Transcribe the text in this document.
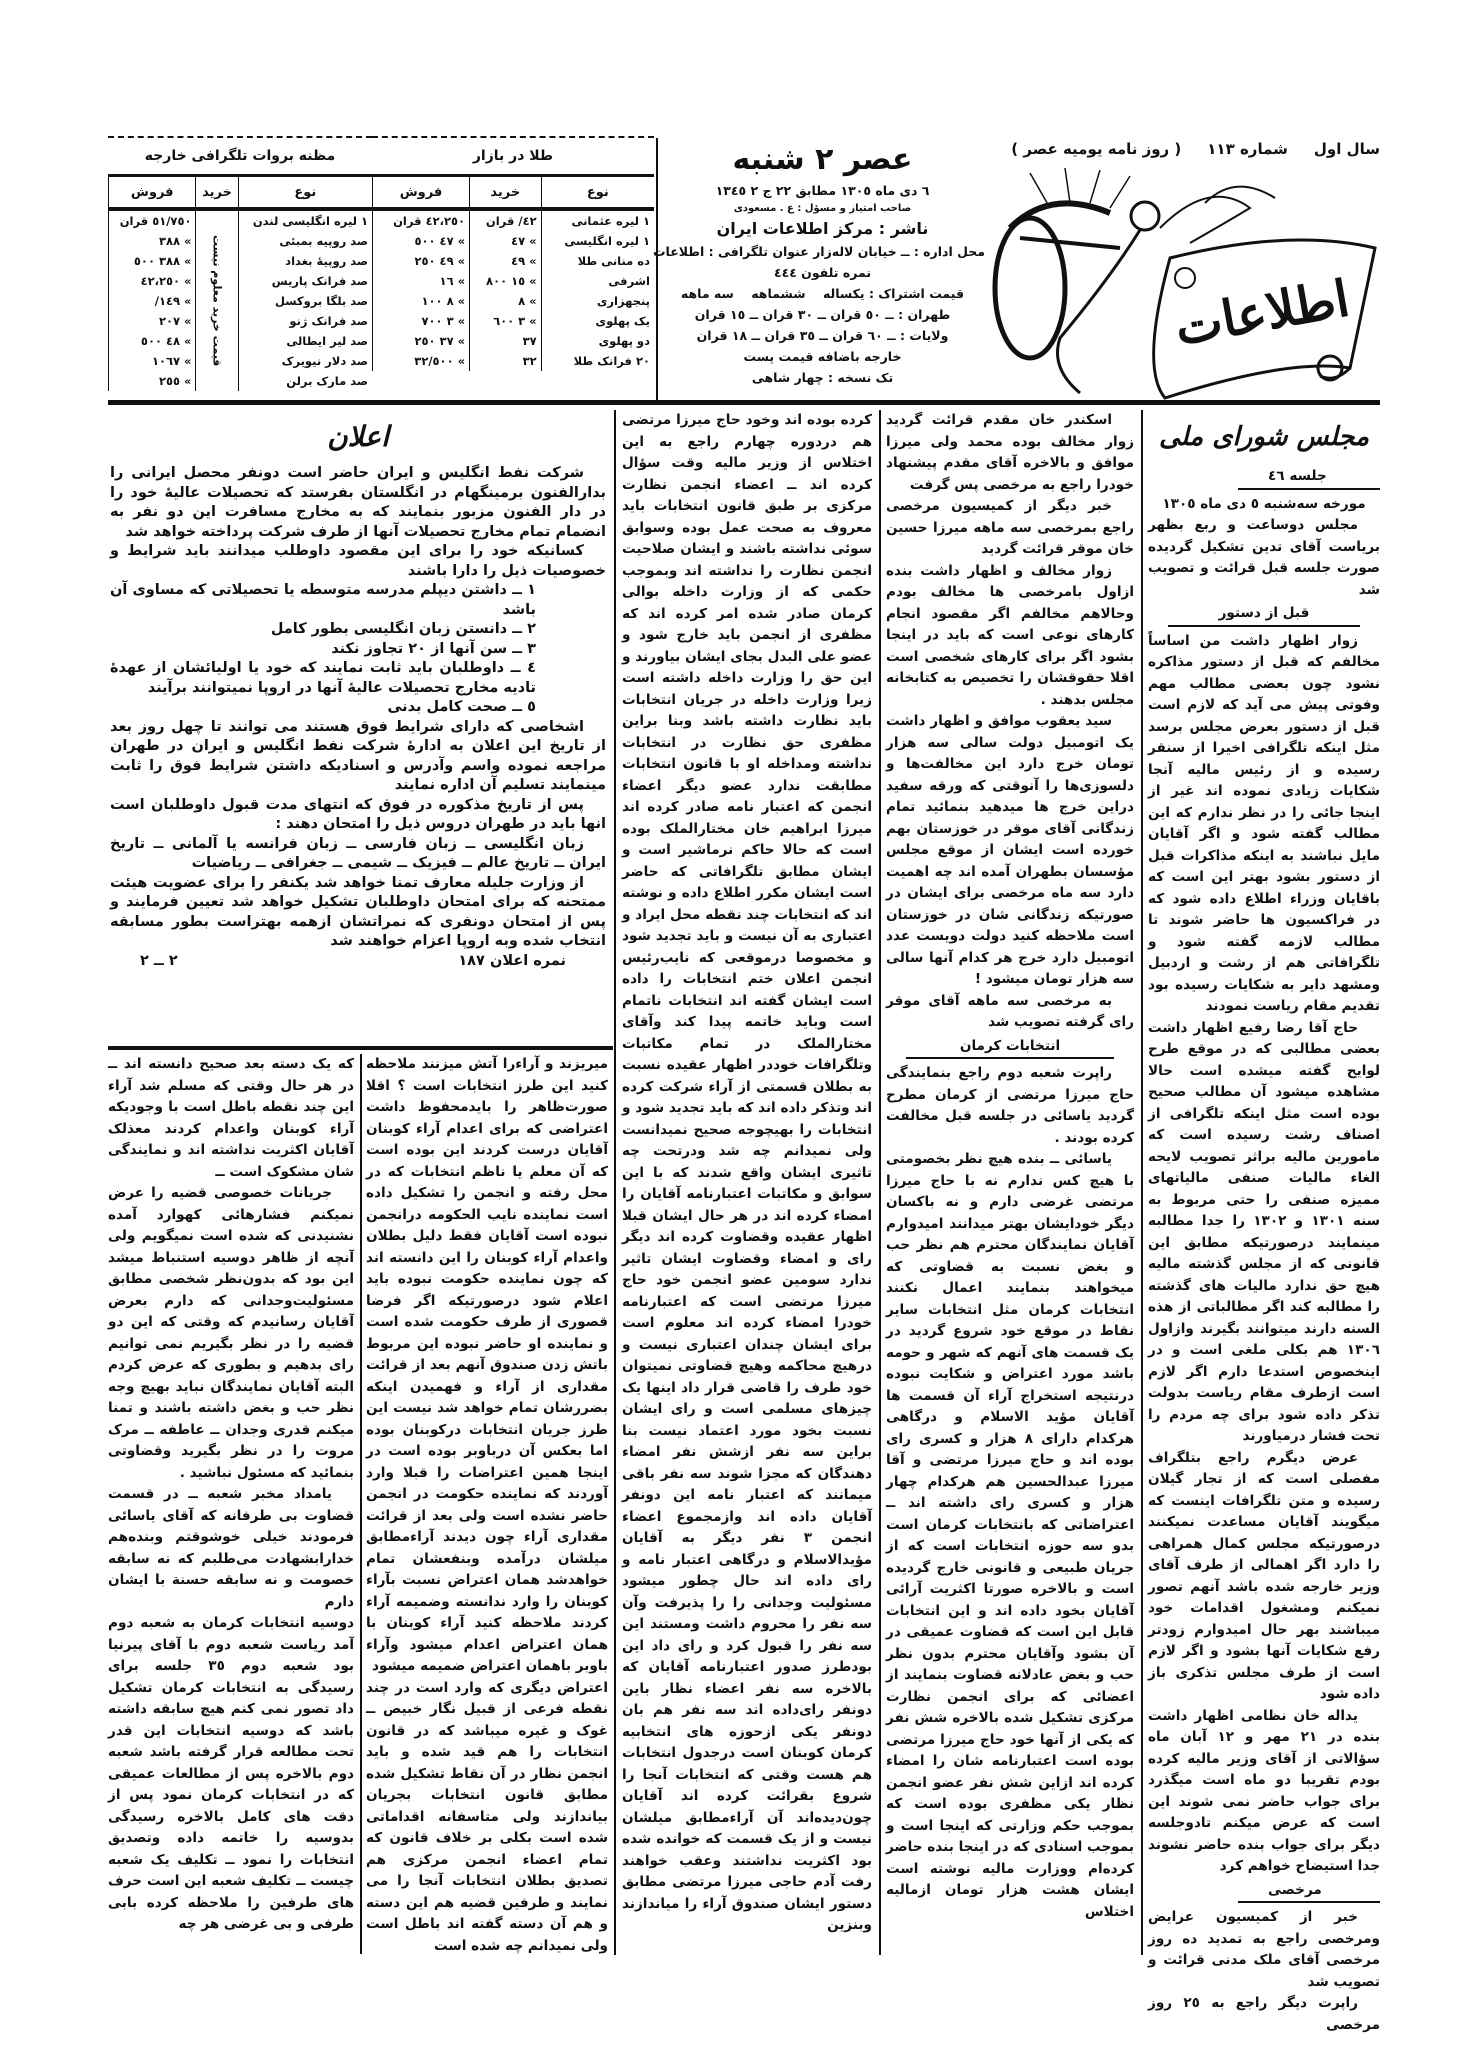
سال اول
شماره ١١٣
( روز نامه یومیه عصر )
اطلاعات
عصر ٢ شنبه
٦ دی ماه ١٣٠٥ مطابق ٢٢ ج ٢ ١٣٤٥
صاحب امتیاز و مسؤل : ع . مسعودی
ناشر : مرکز اطلاعات ایران
محل اداره : ــ خیابان لاله‌زار عنوان تلگرافی : اطلاعات
نمره تلفون ٤٤٤
قیمت اشتراک : یکساله    ششماهه    سه ماهه
طهران : ــ ٥٠ قران ــ ٣٠ قران ــ ١٥ قران
ولایات : ــ ٦٠ قران ــ ٣٥ قران ــ ١٨ قران
خارجه باضافه قیمت پست
تک نسخه : چهار شاهی
طلا در بازار
نوع	خرید	فروش
١ لیره عثمانی	٤٢/ قران	٤٢،٢٥٠ قران
١ لیره انگلیسی	» ٤٧	» ٤٧ ٥٠٠
ده منانی طلا	» ٤٩	» ٤٩ ٢٥٠
اشرفی	» ١٥ ٨٠٠	» ١٦
پنجهزاری	» ٨	» ٨ ١٠٠
یک پهلوی	» ٣ ٦٠٠	» ٣ ٧٠٠
دو پهلوی	٣٧	» ٣٧ ٢٥٠
٢٠ فرانک طلا	٣٢	» ٣٢/٥٠٠
مظنه بروات تلگرافی خارجه
نوع	خرید	فروش
١ لیره انگلیسی لندن	قیمت خرید معلوم نیست	٥١/٧٥٠ قران
صد روپیه بمبئی		» ٣٨٨
صد روپیهٔ بغداد		» ٣٨٨ ٥٠٠
صد فرانک پاریس		» ٤٢،٢٥٠
صد بلگا بروکسل		» ١٤٩/
صد فرانک ژنو		» ٢٠٧
صد لیر ایطالی		» ٤٨ ٥٠٠
صد دلار نیویرک		» ١٠٦٧
صد مارک برلن		» ٢٥٥

مجلس شورای ملی

جلسه ٤٦

مورخه سه‌شنبه ٥ دی ماه ١٣٠٥

مجلس دوساعت و ربع بظهر بریاست آقای تدین تشکیل گردیده صورت جلسه قبل قرائت و تصویب شد

قبل از دستور

زوار اظهار داشت من اساساً مخالفم که قبل از دستور مذاکره نشود چون بعضی مطالب مهم وفوتی پیش می آید که لازم است قبل از دستور بعرض مجلس برسد مثل اینکه تلگرافی اخیرا از سنقر رسیده و از رئیس مالیه آنجا شکایات زیادی نموده اند غیر از اینجا جائی را در نظر ندارم که این مطالب گفته شود و اگر آقایان مایل نباشند به اینکه مذاکرات قبل از دستور بشود بهتر این است که باقایان وزراء اطلاع داده شود که در فراکسیون ها حاضر شوند تا مطالب لازمه گفته شود و تلگرافاتی هم از رشت و اردبیل ومشهد دایر به شکایات رسیده بود تقدیم مقام ریاست نمودند

حاج آقا رضا رفیع اظهار داشت بعضی مطالبی که در موقع طرح لوایح گفته میشده است حالا مشاهده میشود آن مطالب صحیح بوده است مثل اینکه تلگرافی از اصناف رشت رسیده است که مامورین مالیه براثر تصویب لایحه الغاء مالیات صنفی مالیاتهای ممیزه صنفی را حتی مربوط به سنه ١٣٠١ و ١٣٠٢ را جدا مطالبه مینمایند درصورتیکه مطابق این قانونی که از مجلس گذشته مالیه هیچ حق ندارد مالیات های گذشته را مطالبه کند اگر مطالباتی از هذه السنه دارند میتوانند بگیرند وازاول ١٣٠٦ هم بکلی ملغی است و در اینخصوص استدعا دارم اگر لازم است ازطرف مقام ریاست بدولت تذکر داده شود برای چه مردم را تحت فشار درمیاورند

عرض دیگرم راجع بتلگراف مفصلی است که از تجار گیلان رسیده و متن تلگرافات اینست که میگویند آقایان مساعدت نمیکنند درصورتیکه مجلس کمال همراهی را دارد اگر اهمالی از طرف آقای وزیر خارجه شده باشد آنهم تصور نمیکنم ومشغول اقدامات خود میباشند بهر حال امیدوارم زودتر رفع شکایات آنها بشود و اگر لازم است از طرف مجلس تذکری باز داده شود

یداله خان نظامی اظهار داشت بنده در ٢١ مهر و ١٢ آبان ماه سؤالاتی از آقای وزیر مالیه کرده بودم تقریبا دو ماه است میگذرد برای جواب حاضر نمی شوند این است که عرض میکنم تادوجلسه دیگر برای جواب بنده حاضر نشوند جدا استیضاح خواهم کرد

مرخصی

خبر از کمیسیون عرایض ومرخصی راجع به تمدید ده روز مرخصی آقای ملک مدنی قرائت و تصویب شد

راپرت دیگر راجع به ٢٥ روز مرخصی

اسکندر خان مقدم قرائت گردید زوار مخالف بوده محمد ولی میرزا موافق و بالاخره آقای مقدم پیشنهاد خودرا راجع به مرخصی پس گرفت

خبر دیگر از کمیسیون مرخصی راجع بمرخصی سه ماهه میرزا حسین خان موقر قرائت گردید

زوار مخالف و اظهار داشت بنده ازاول بامرخصی ها مخالف بودم وحالاهم مخالفم اگر مقصود انجام کارهای نوعی است که باید در اینجا بشود اگر برای کارهای شخصی است اقلا حقوقشان را تخصیص به کتابخانه مجلس بدهند .

سید یعقوب موافق و اظهار داشت یک اتومبیل دولت سالی سه هزار تومان خرج دارد این مخالفت‌ها و دلسوزی‌ها را آنوقتی که ورقه سفید دراین خرج ها میدهید بنمائید تمام زندگانی آقای موقر در خوزستان بهم خورده است ایشان از موقع مجلس مؤسسان بطهران آمده اند چه اهمیت دارد سه ماه مرخصی برای ایشان در صورتیکه زندگانی شان در خوزستان است ملاحظه کنید دولت دویست عدد اتومبیل دارد خرج هر کدام آنها سالی سه هزار تومان میشود !

به مرخصی سه ماهه آقای موقر رای گرفته تصویب شد

انتخابات کرمان

راپرت شعبه دوم راجع بنمایندگی حاج میرزا مرتضی از کرمان مطرح گردید یاسائی در جلسه قبل مخالفت کرده بودند .

یاسائی ــ بنده هیچ نظر بخصومتی با هیچ کس ندارم نه با حاج میرزا مرتضی غرضی دارم و نه باکسان دیگر خودایشان بهتر میدانند امیدوارم آقایان نمایندگان محترم هم نظر حب و بغض نسبت به قضاوتی که میخواهند بنمایند اعمال نکنند انتخابات کرمان مثل انتخابات سایر نقاط در موقع خود شروع گردید در یک قسمت های آنهم که شهر و حومه باشد مورد اعتراض و شکایت نبوده درنتیجه استخراج آراء آن قسمت ها آقایان مؤید الاسلام و درگاهی هرکدام دارای ٨ هزار و کسری رای بوده اند و حاج میرزا مرتضی و آقا میرزا عبدالحسین هم هرکدام چهار هزار و کسری رای داشته اند ــ اعتراضاتی که بانتخابات کرمان است بدو سه حوزه انتخابات است که از جریان طبیعی و قانونی خارج گردیده است و بالاخره صورتا اکثریت آرائی آقایان بخود داده اند و این انتخابات قابل این است که قضاوت عمیقی در آن بشود وآقایان محترم بدون نظر حب و بغض عادلانه قضاوت بنمایند از اعضائی که برای انجمن نظارت مرکزی تشکیل شده بالاخره شش نفر که یکی از آنها خود حاج میرزا مرتضی بوده است اعتبارنامه شان را امضاء کرده اند ازاین شش نفر عضو انجمن نظار یکی مظفری بوده است که بموجب حکم وزارتی که اینجا است و بموجب اسنادی که در اینجا بنده حاضر کرده‌ام ووزارت مالیه نوشته است ایشان هشت هزار تومان ازمالیه اختلاس

کرده بوده اند وخود حاج میرزا مرتضی هم دردوره چهارم راجع به این اختلاس از وزیر مالیه وقت سؤال کرده اند ــ اعضاء انجمن نظارت مرکزی بر طبق قانون انتخابات باید معروف به صحت عمل بوده وسوابق سوئی نداشته باشند و ایشان صلاحیت انجمن نظارت را نداشته اند وبموجب حکمی که از وزارت داخله بوالی کرمان صادر شده امر کرده اند که مظفری از انجمن باید خارج شود و عضو علی البدل بجای ایشان بیاورند و این حق را وزارت داخله داشته است زیرا وزارت داخله در جریان انتخابات باید نظارت داشته باشد وبنا براین مظفری حق نظارت در انتخابات نداشته ومداخله او با قانون انتخابات مطابقت ندارد عضو دیگر اعضاء انجمن که اعتبار نامه صادر کرده اند میرزا ابراهیم خان مختارالملک بوده است که حالا حاکم نرماشیر است و ایشان مطابق تلگرافاتی که حاضر است ایشان مکرر اطلاع داده و نوشته اند که انتخابات چند نقطه محل ایراد و اعتباری به آن نیست و باید تجدید شود و مخصوصا درموقعی که نایب‌رئیس انجمن اعلان ختم انتخابات را داده است ایشان گفته اند انتخابات ناتمام است وباید خاتمه پیدا کند وآقای مختارالملک در تمام مکاتبات وتلگرافات خوددر اظهار عقیده نسبت به بطلان قسمتی از آراء شرکت کرده اند وتذکر داده اند که باید تجدید شود و انتخابات را بهیچوجه صحیح نمیدانست ولی نمیدانم چه شد ودرتحت چه تاثیری ایشان واقع شدند که با این سوابق و مکاتبات اعتبارنامه آقایان را امضاء کرده اند در هر حال ایشان قبلا اظهار عقیده وقضاوت کرده اند دیگر رای و امضاء وقضاوت ایشان تاثیر ندارد سومین عضو انجمن خود حاج میرزا مرتضی است که اعتبارنامه خودرا امضاء کرده اند معلوم است برای ایشان چندان اعتباری نیست و درهیچ محاکمه وهیچ قضاوتی نمیتوان خود طرف را قاضی قرار داد اینها یک چیزهای مسلمی است و رای ایشان نسبت بخود مورد اعتماد نیست بنا براین سه نفر ازشش نفر امضاء دهندگان که مجزا شوند سه نفر باقی میمانند که اعتبار نامه این دونفر آقایان داده اند وازمجموع اعضاء انجمن ٣ نفر دیگر به آقایان مؤیدالاسلام و درگاهی اعتبار نامه و رای داده اند حال چطور میشود مسئولیت وجدانی را را پذیرفت وآن سه نفر را محروم داشت ومستند این سه نفر را قبول کرد و رای داد این بودطرز صدور اعتبارنامه آقایان که بالاخره سه نفر اعضاء نظار باین دونفر رای‌داده اند سه نفر هم بان دونفر یکی ازحوزه های انتخابیه کرمان کوبنان است درجدول انتخابات هم هست وقتی که انتخابات آنجا را شروع بقرائت کرده اند آقایان چون‌دیده‌اند آن آراءمطابق میلشان نیست و از یک قسمت که خوانده شده بود اکثریت نداشتند وعقب خواهند رفت آدم حاجی میرزا مرتضی مطابق دستور ایشان صندوق آراء را میاندازند وبنزین

اعلان

شرکت نفط انگلیس و ایران حاضر است دونفر محصل ایرانی را بدارالفنون برمینگهام در انگلستان بفرستد که تحصیلات عالیهٔ خود را در دار الفنون مزبور بنمایند که به مخارج مسافرت این دو نفر به انضمام تمام مخارج تحصیلات آنها از طرف شرکت پرداخته خواهد شد

کسانیکه خود را برای این مقصود داوطلب میدانند باید شرایط و خصوصیات ذیل را دارا باشند

١ ــ داشتن دیپلم مدرسه متوسطه یا تحصیلاتی که مساوی آن باشد

٢ ــ دانستن زبان انگلیسی بطور کامل

٣ ــ سن آنها از ٢٠ تجاوز نکند

٤ ــ داوطلبان باید ثابت نمایند که خود یا اولیائشان از عهدهٔ تادیه مخارج تحصیلات عالیهٔ آنها در اروپا نمیتوانند برآیند

٥ ــ صحت کامل بدنی

اشخاصی که دارای شرایط فوق هستند می توانند تا چهل روز بعد از تاریخ این اعلان به ادارهٔ شرکت نفط انگلیس و ایران در طهران مراجعه نموده واسم وآدرس و اسنادیکه داشتن شرایط فوق را ثابت مینمایند تسلیم آن اداره نمایند

پس از تاریخ مذکوره در فوق که انتهای مدت قبول داوطلبان است انها باید در طهران دروس ذیل را امتحان دهند :

زبان انگلیسی ــ زبان فارسی ــ زبان فرانسه یا آلمانی ــ تاریخ ایران ــ تاریخ عالم ــ فیزیک ــ شیمی ــ جغرافی ــ ریاضیات

از وزارت جلیله معارف تمنا خواهد شد یکنفر را برای عضویت هیئت ممتحنه که برای امتحان داوطلبان تشکیل خواهد شد تعیین فرمایند و پس از امتحان دونفری که نمراتشان ازهمه بهتراست بطور مسابقه انتخاب شده وبه اروپا اعزام خواهند شد

نمره اعلان ١٨٧
٢ ــ ٢

میریزند و آراءرا آتش میزنند ملاحظه کنید این طرز انتخابات است ؟ اقلا صورت‌ظاهر را بایدمحفوظ داشت اعتراضی که برای اعدام آراء کوبنان آقایان درست کردند این بوده است که آن معلم یا ناظم انتخابات که در محل رفته و انجمن را تشکیل داده است نماینده نایب الحکومه درانجمن نبوده است آقایان فقط دلیل بطلان واعدام آراء کوبنان را این دانسته اند که چون نماینده حکومت نبوده باید اعلام شود درصورتیکه اگر فرضا قصوری از طرف حکومت شده است و نماینده او حاضر نبوده این مربوط باتش زدن صندوق آنهم بعد از قرائت مقداری از آراء و فهمیدن اینکه بضررشان تمام خواهد شد نیست این طرز جریان انتخابات درکوبنان بوده اما بعکس آن درباوبر بوده است در اینجا همین اعتراضات را قبلا وارد آوردند که نماینده حکومت در انجمن حاضر نشده است ولی بعد از قرائت مقداری آراء چون دیدند آراءمطابق میلشان درآمده وبنفعشان تمام خواهدشد همان اعتراض نسبت بآراء کوبنان را وارد ندانسته وضمیمه آراء کردند ملاحظه کنید آراء کوبنان با همان اعتراض اعدام میشود وآراء باوبر باهمان اعتراض ضمیمه میشود

اعتراض دیگری که وارد است در چند نقطه فرعی از قبیل نگار خبیص ــ غوک و غیره میباشد که در قانون انتخابات را هم قید شده و باید انجمن نظار در آن نقاط تشکیل شده مطابق قانون انتخابات بجریان بیاندازند ولی متاسفانه اقداماتی شده است بکلی بر خلاف قانون که تمام اعضاء انجمن مرکزی هم تصدیق بطلان انتخابات آنجا را می نمایند و طرفین قضیه هم این دسته و هم آن دسته گفته اند باطل است ولی نمیدانم چه شده است

که یک دسته بعد صحیح دانسته اند ــ در هر حال وقتی که مسلم شد آراء این چند نقطه باطل است با وجودیکه آراء کوبنان واعدام کردند معذلک آقایان اکثریت نداشته اند و نمایندگی شان مشکوک است ــ

جریانات خصوصی قضیه را عرض نمیکنم فشارهائی کهوارد آمده نشنیدنی که شده است نمیگویم ولی آنچه از ظاهر دوسیه استنباط میشد این بود که بدون‌نظر شخصی مطابق مسئولیت‌وجدانی که دارم بعرض آقایان رسانیدم که وقتی که این دو قضیه را در نظر بگیریم نمی توانیم رای بدهیم و بطوری که عرض کردم البته آقایان نمایندگان نباید بهیچ وجه نظر حب و بغض داشته باشند و تمنا میکنم قدری وجدان ــ عاطفه ــ مرک مروت را در نظر بگیرید وقضاوتی بنمائید که مسئول نباشید .

یامداد مخبر شعبه ــ در قسمت قضاوت بی طرفانه که آقای یاسائی فرمودند خیلی خوشوقتم وبنده‌هم خدارابشهادت می‌طلبم که نه سابقه خصومت و نه سابقه حسنة با ایشان دارم

دوسیه انتخابات کرمان به شعبه دوم آمد ریاست شعبه دوم با آقای پیرنیا بود شعبه دوم ٣٥ جلسه برای رسیدگی به انتخابات کرمان تشکیل داد تصور نمی کنم هیچ سابقه داشته باشد که دوسیه انتخابات این قدر تحت مطالعه قرار گرفته باشد شعبه دوم بالاخره پس از مطالعات عمیقی که در انتخابات کرمان نمود پس از دقت های کامل بالاخره رسیدگی بدوسیه را خاتمه داده وتصدیق انتخابات را نمود ــ تکلیف یک شعبه چیست ــ تکلیف شعبه این است حرف های طرفین را ملاحظه کرده بابی طرفی و بی غرضی هر چه
